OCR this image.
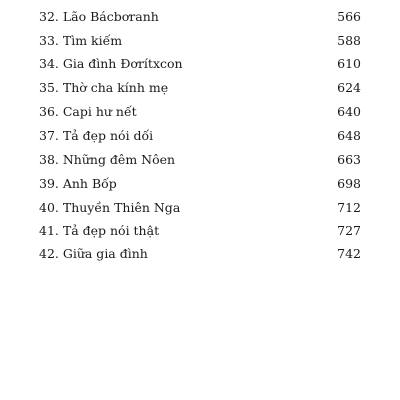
32. Lão Bácbơranh	566
33. Tìm kiếm	588
34. Gia đình Đơrítxcon	610
35. Thờ cha kính mẹ	624
36. Capi hư nết	640
37. Tả đẹp nói dối	648
38. Những đêm Nôen	663
39. Anh Bốp	698
40. Thuyền Thiên Nga	712
41. Tả đẹp nói thật	727
42. Giữa gia đình	742
